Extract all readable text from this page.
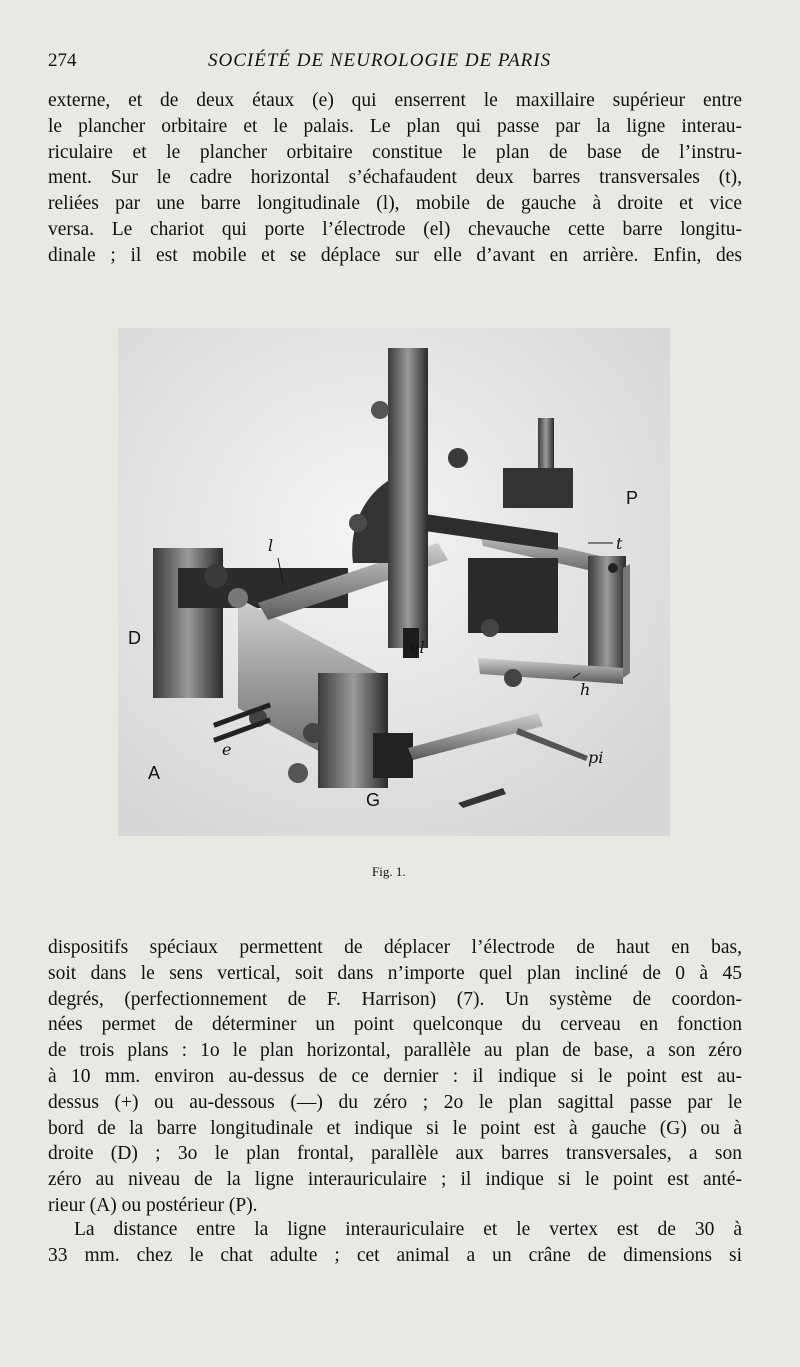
274	SOCIÉTÉ DE NEUROLOGIE DE PARIS
externe, et de deux étaux (e) qui enserrent le maxillaire supérieur entre
le plancher orbitaire et le palais. Le plan qui passe par la ligne interau-
riculaire et le plancher orbitaire constitue le plan de base de l’instru-
ment. Sur le cadre horizontal s’échafaudent deux barres transversales (t),
reliées par une barre longitudinale (l), mobile de gauche à droite et vice
versa. Le chariot qui porte l’électrode (el) chevauche cette barre longitu-
dinale ; il est mobile et se déplace sur elle d’avant en arrière. Enfin, des
D
A
G
P
t
l
el
h
pi
e
Fig. 1.
dispositifs spéciaux permettent de déplacer l’électrode de haut en bas,
soit dans le sens vertical, soit dans n’importe quel plan incliné de 0 à 45
degrés, (perfectionnement de F. Harrison) (7). Un système de coordon-
nées permet de déterminer un point quelconque du cerveau en fonction
de trois plans : 1o le plan horizontal, parallèle au plan de base, a son zéro
à 10 mm. environ au-dessus de ce dernier : il indique si le point est au-
dessus (+) ou au-dessous (—) du zéro ; 2o le plan sagittal passe par le
bord de la barre longitudinale et indique si le point est à gauche (G) ou à
droite (D) ; 3o le plan frontal, parallèle aux barres transversales, a son
zéro au niveau de la ligne interauriculaire ; il indique si le point est anté-
rieur (A) ou postérieur (P).
La distance entre la ligne interauriculaire et le vertex est de 30 à
33 mm. chez le chat adulte ; cet animal a un crâne de dimensions si
